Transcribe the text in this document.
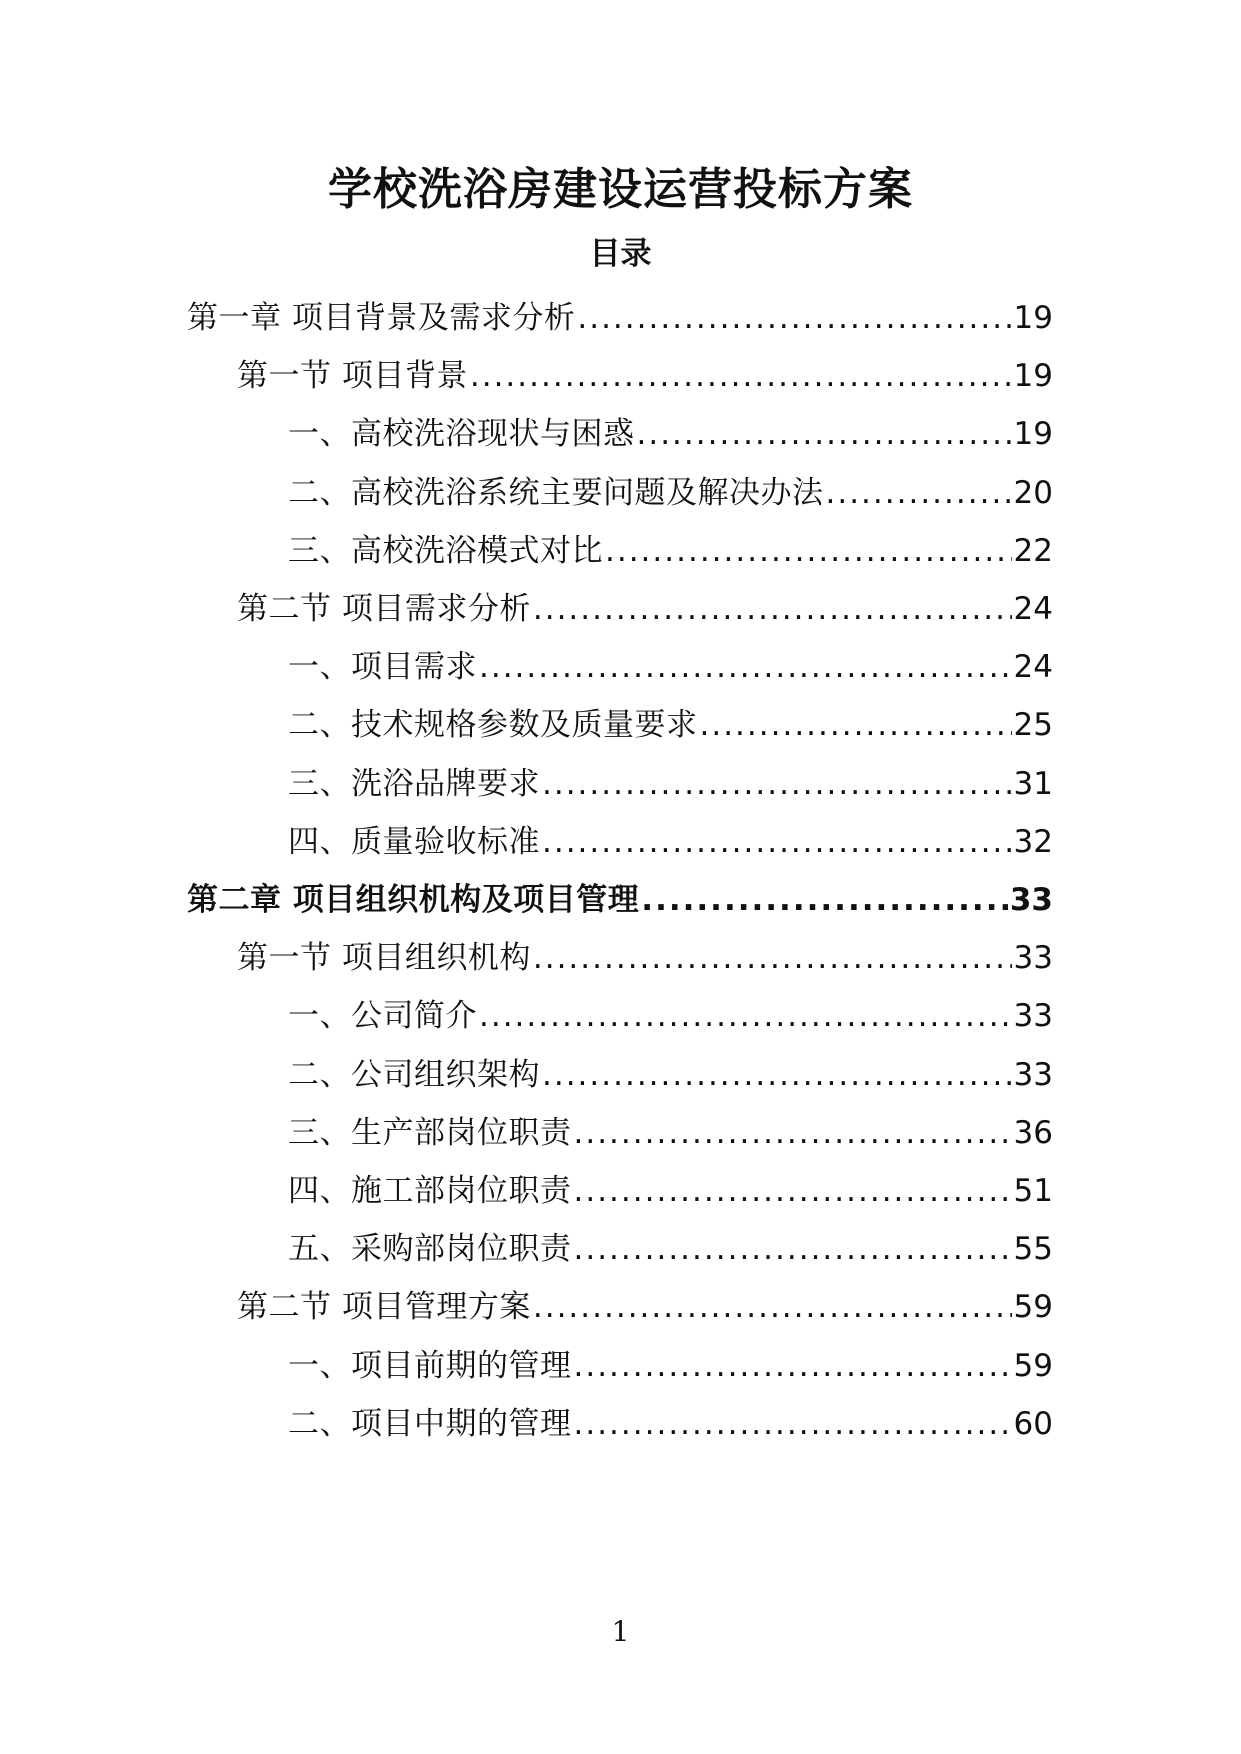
学校洗浴房建设运营投标方案
目录
第一章 项目背景及需求分析 .....	19
第一节 项目背景 .....	19
一、高校洗浴现状与困惑 .....	19
二、高校洗浴系统主要问题及解决办法 .....	20
三、高校洗浴模式对比 .....	22
第二节 项目需求分析 .....	24
一、项目需求 .....	24
二、技术规格参数及质量要求 .....	25
三、洗浴品牌要求 .....	31
四、质量验收标准 .....	32
第二章 项目组织机构及项目管理 .....	33
第一节 项目组织机构 .....	33
一、公司简介 .....	33
二、公司组织架构 .....	33
三、生产部岗位职责 .....	36
四、施工部岗位职责 .....	51
五、采购部岗位职责 .....	55
第二节 项目管理方案 .....	59
一、项目前期的管理 .....	59
二、项目中期的管理 .....	60
1
